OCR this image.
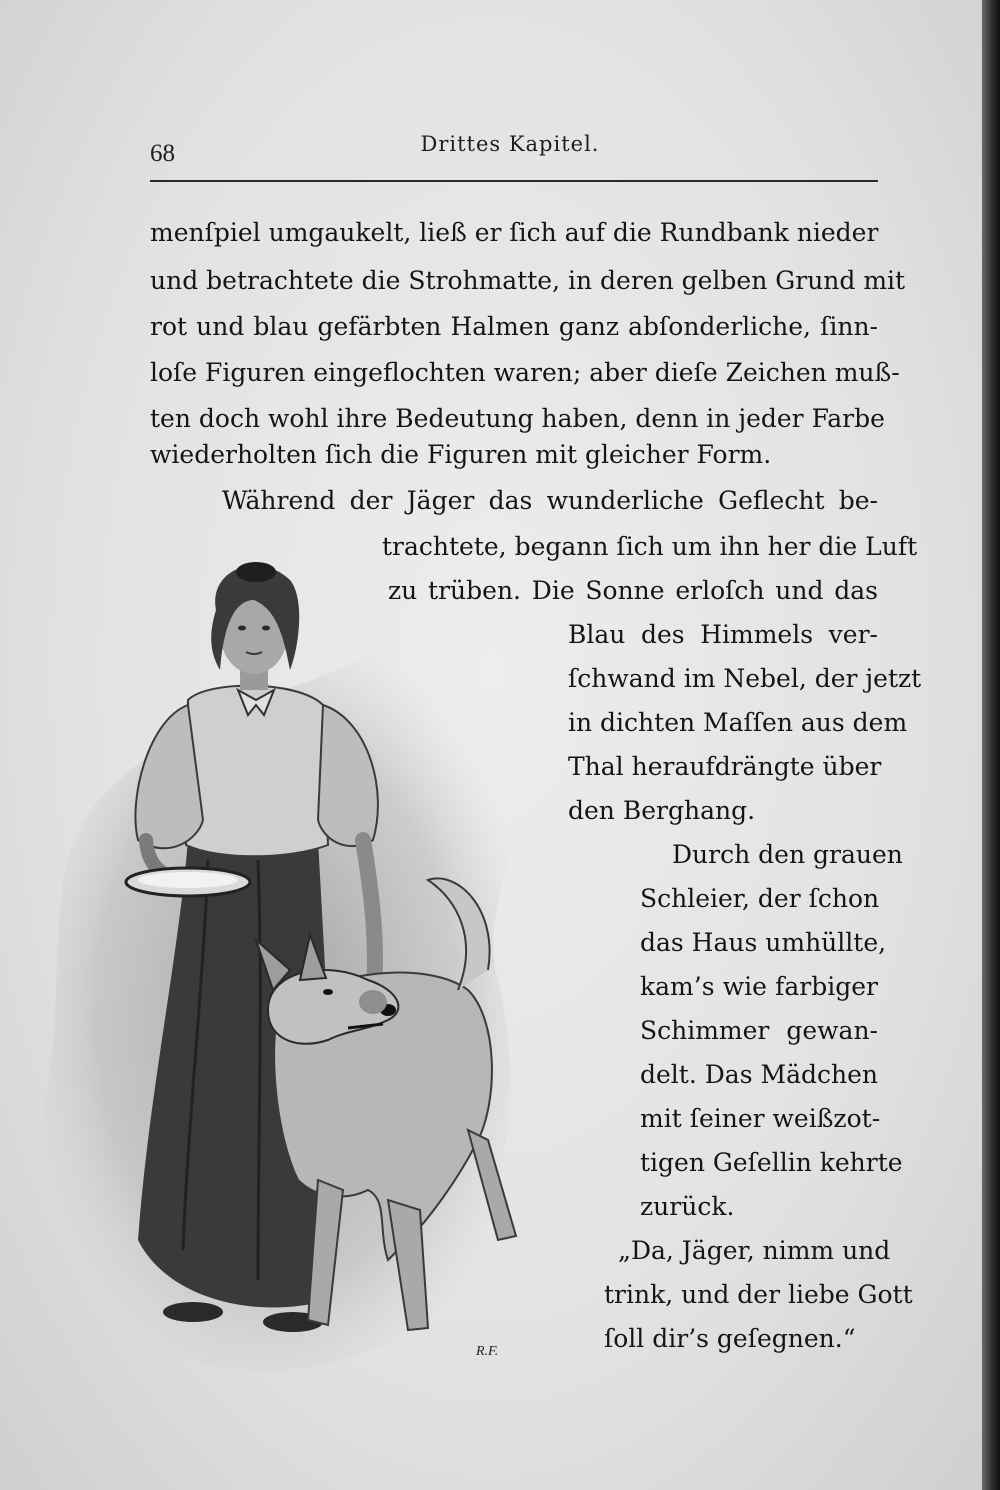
68	Drittes Kapitel.
menſpiel umgaukelt, ließ er ſich auf die Rundbank nieder
und betrachtete die Strohmatte, in deren gelben Grund mit
rot und blau gefärbten Halmen ganz abſonderliche, ſinn-
loſe Figuren eingeflochten waren; aber dieſe Zeichen muß-
ten doch wohl ihre Bedeutung haben, denn in jeder Farbe
wiederholten ſich die Figuren mit gleicher Form.
Während der Jäger das wunderliche Geflecht be-
trachtete, begann ſich um ihn her die Luft
zu trüben. Die Sonne erloſch und das
Blau des Himmels ver-
ſchwand im Nebel, der jetzt
in dichten Maſſen aus dem
Thal heraufdrängte über
den Berghang.
Durch den grauen
Schleier, der ſchon
das Haus umhüllte,
kam’s wie farbiger
Schimmer gewan-
delt. Das Mädchen
mit ſeiner weißzot-
tigen Geſellin kehrte
zurück.
„Da, Jäger, nimm und
trink, und der liebe Gott
ſoll dir’s geſegnen.“
R.F.
